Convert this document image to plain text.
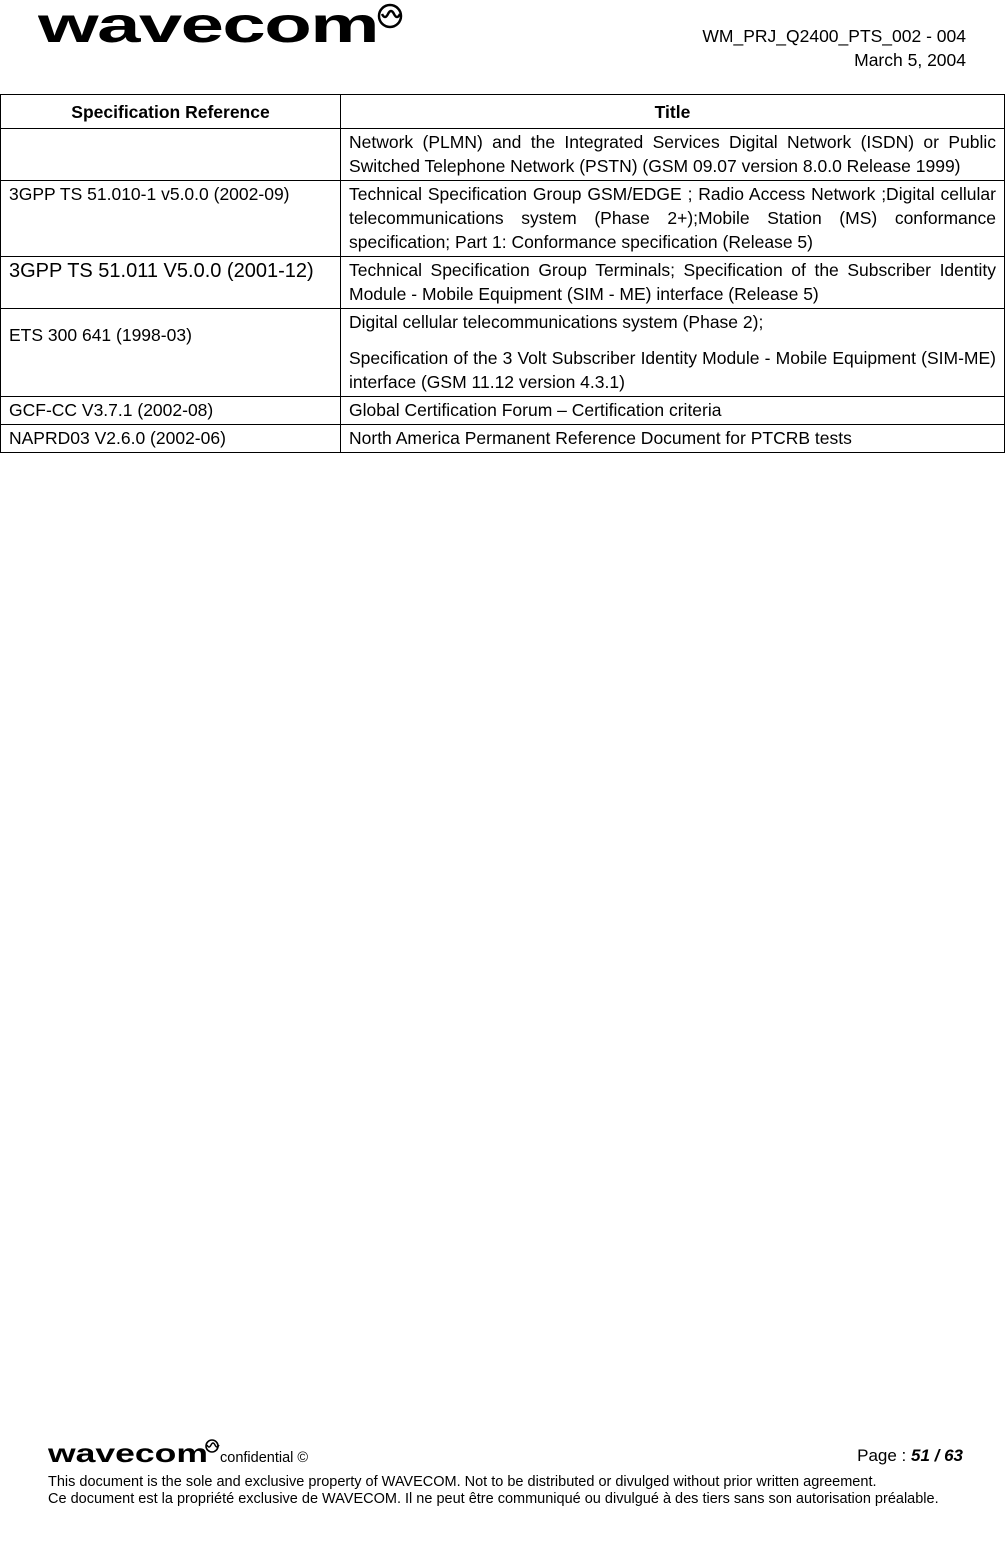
wavecom	WM_PRJ_Q2400_PTS_002 - 004
March 5, 2004
Specification Reference	Title

	Network (PLMN) and the Integrated Services Digital Network (ISDN) or Public Switched Telephone Network (PSTN) (GSM 09.07 version 8.0.0 Release 1999)

3GPP TS 51.010-1 v5.0.0 (2002-09)	Technical Specification Group GSM/EDGE ; Radio Access Network ;Digital cellular telecommunications system (Phase 2+);Mobile Station (MS) conformance specification; Part 1: Conformance specification (Release 5)

3GPP TS 51.011 V5.0.0 (2001-12)	Technical Specification Group Terminals; Specification of the Subscriber Identity Module - Mobile Equipment (SIM - ME) interface (Release 5)

ETS 300 641 (1998-03)	Digital cellular telecommunications system (Phase 2);

Specification of the 3 Volt Subscriber Identity Module - Mobile Equipment (SIM-ME) interface (GSM 11.12 version 4.3.1)

GCF-CC V3.7.1 (2002-08)	Global Certification Forum – Certification criteria

NAPRD03 V2.6.0 (2002-06)	North America Permanent Reference Document for PTCRB tests

wavecom confidential ©	Page : 51 / 63

This document is the sole and exclusive property of WAVECOM. Not to be distributed or divulged without prior written agreement.

Ce document est la propriété exclusive de WAVECOM. Il ne peut être communiqué ou divulgué à des tiers sans son autorisation préalable.
